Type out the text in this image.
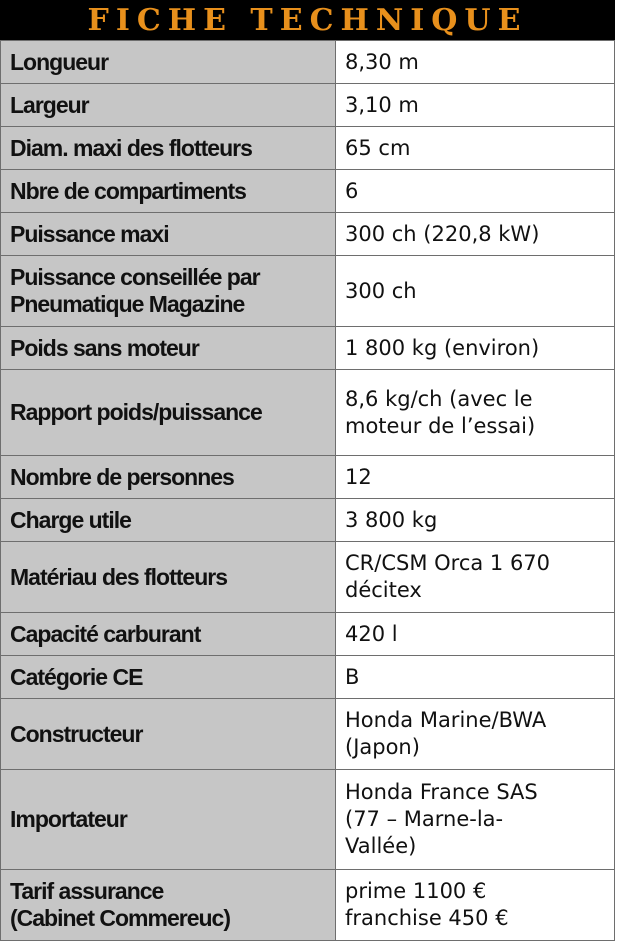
FICHE TECHNIQUE
Longueur	8,30 m

Largeur	3,10 m

Diam. maxi des flotteurs	65 cm

Nbre de compartiments	6

Puissance maxi	300 ch (220,8 kW)

Puissance conseillée par
Pneumatique Magazine	300 ch

Poids sans moteur	1 800 kg (environ)

Rapport poids/puissance	8,6 kg/ch (avec le
moteur de l’essai)

Nombre de personnes	12

Charge utile	3 800 kg

Matériau des flotteurs	CR/CSM Orca 1 670
décitex

Capacité carburant	420 l

Catégorie CE	B

Constructeur	Honda Marine/BWA
(Japon)

Importateur	Honda France SAS
(77 – Marne-la-
Vallée)

Tarif assurance
(Cabinet Commereuc)	prime 1100 €
franchise 450 €
